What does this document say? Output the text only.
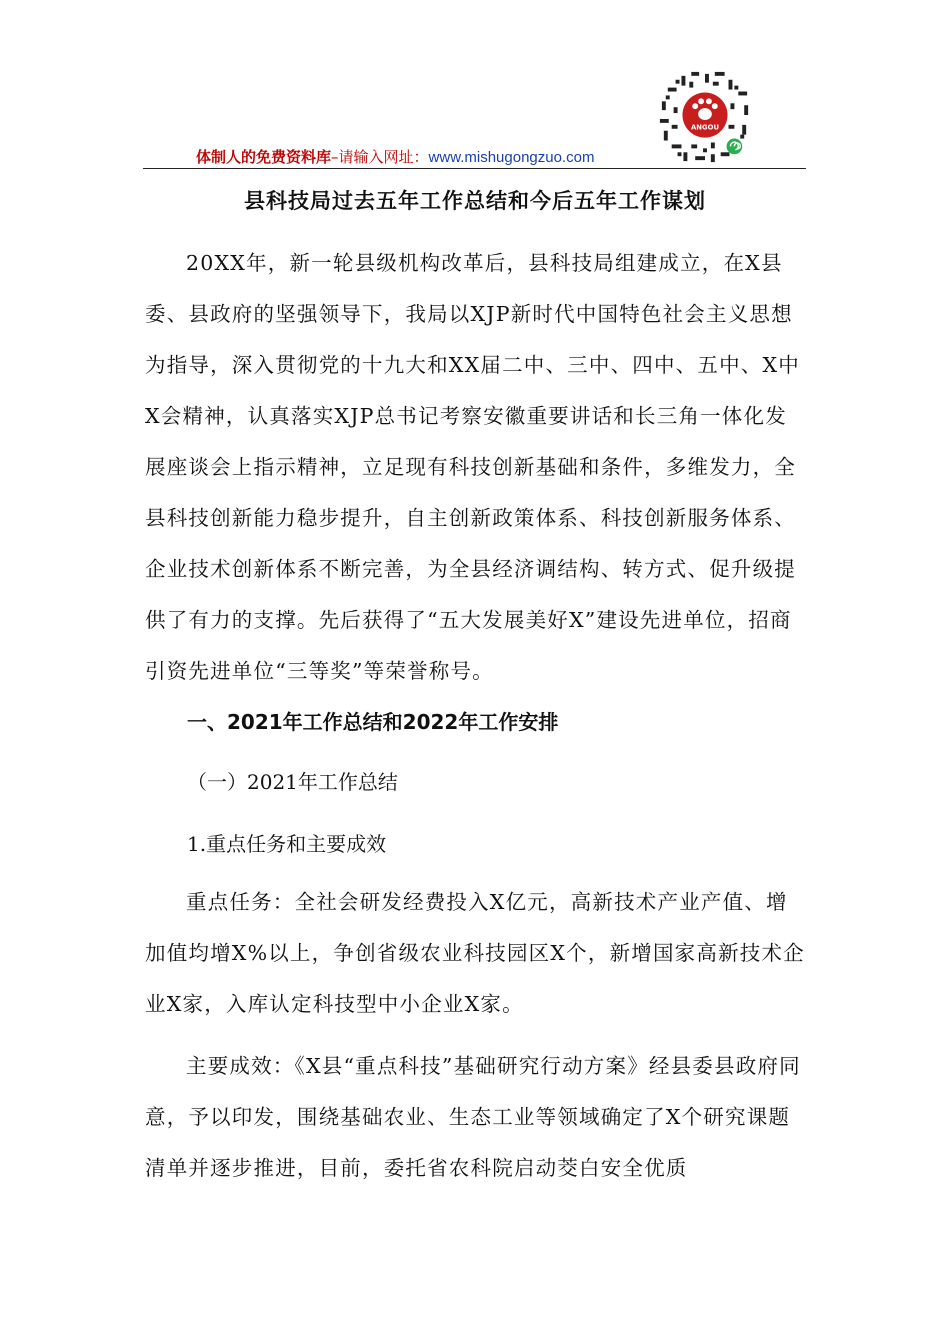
体制人的免费资料库–请输入网址：www.mishugongzuo.com
ANGOU
县科技局过去五年工作总结和今后五年工作谋划

20XX年，新一轮县级机构改革后，县科技局组建成立，在X县委、县政府的坚强领导下，我局以XJP新时代中国特色社会主义思想为指导，深入贯彻党的十九大和XX届二中、三中、四中、五中、X中X会精神，认真落实XJP总书记考察安徽重要讲话和长三角一体化发展座谈会上指示精神，立足现有科技创新基础和条件，多维发力，全县科技创新能力稳步提升，自主创新政策体系、科技创新服务体系、企业技术创新体系不断完善，为全县经济调结构、转方式、促升级提供了有力的支撑。先后获得了“五大发展美好X”建设先进单位，招商引资先进单位“三等奖”等荣誉称号。

一、2021年工作总结和2022年工作安排

（一）2021年工作总结

1.重点任务和主要成效

重点任务：全社会研发经费投入X亿元，高新技术产业产值、增加值均增X%以上，争创省级农业科技园区X个，新增国家高新技术企业X家，入库认定科技型中小企业X家。

主要成效：《X县“重点科技”基础研究行动方案》经县委县政府同意，予以印发，围绕基础农业、生态工业等领域确定了X个研究课题清单并逐步推进，目前，委托省农科院启动茭白安全优质
